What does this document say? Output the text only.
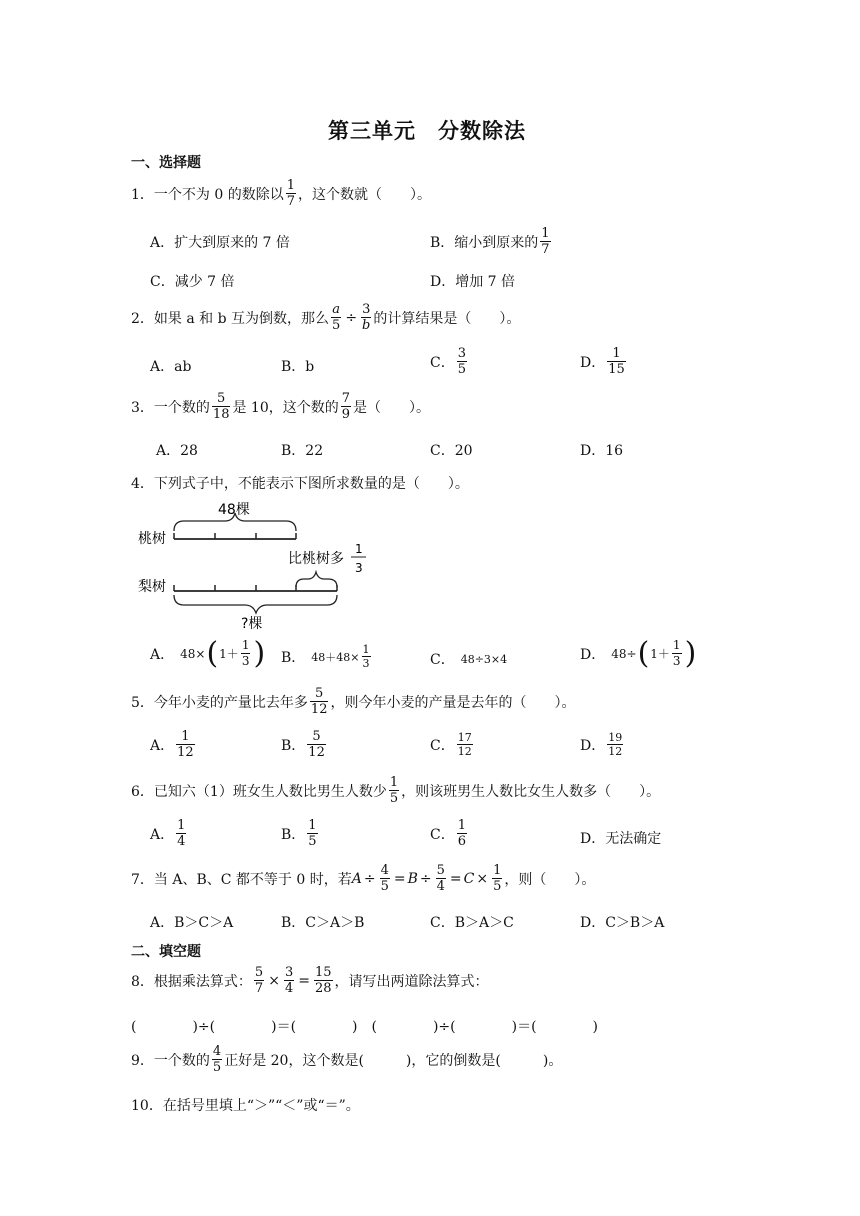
第三单元　分数除法
一、选择题
1．一个不为 0 的数除以 $\frac{1}{7}$ ，这个数就（　　）。
A．扩大到原来的 7 倍	B．缩小到原来的 $\frac{1}{7}$
C．减少 7 倍	D．增加 7 倍
2．如果 a 和 b 互为倒数，那么 $\frac{a}{5} \div \frac{3}{b}$ 的计算结果是（　　）。
A．ab	B．b	C． $\frac{3}{5}$	D． $\frac{1}{15}$
3．一个数的 $\frac{5}{18}$ 是 10，这个数的 $\frac{7}{9}$ 是（　　）。
A．28	B．22	C．20	D．16
4．下列式子中，不能表示下图所求数量的是（　　）。
48棵
桃树
比桃树多
1
3
梨树
?棵
A． 48× ( $1+ \frac{1}{3}$ ) B． $48+48\times \frac{1}{3}$	C． 48÷3×4	D． 48÷ ( $1+ \frac{1}{3}$ )
5．今年小麦的产量比去年多 $\frac{5}{12}$ ，则今年小麦的产量是去年的（　　）。
A． $\frac{1}{12}$	B． $\frac{5}{12}$	C． $\frac{17}{12}$	D． $\frac{19}{12}$
6．已知六（1）班女生人数比男生人数少 $\frac{1}{5}$ ，则该班男生人数比女生人数多（　　）。
A． $\frac{1}{4}$	B． $\frac{1}{5}$	C． $\frac{1}{6}$	D．无法确定
7．当 A、B、C 都不等于 0 时，若 $A \div \frac{4}{5} = B \div \frac{5}{4} = C \times \frac{1}{5}$ ，则（　　）。
A．B＞C＞A	B．C＞A＞B	C．B＞A＞C	D．C＞B＞A
二、填空题
8．根据乘法算式： $\frac{5}{7} \times \frac{3}{4} = \frac{15}{28}$ ，请写出两道除法算式：
(　　　　)÷(　　　　)＝(　　　　)　(　　　　)÷(　　　　)＝(　　　　)
9．一个数的 $\frac{4}{5}$ 正好是 20，这个数是(　　　)，它的倒数是(　　　)。
10．在括号里填上“＞”“＜”或“＝”。
